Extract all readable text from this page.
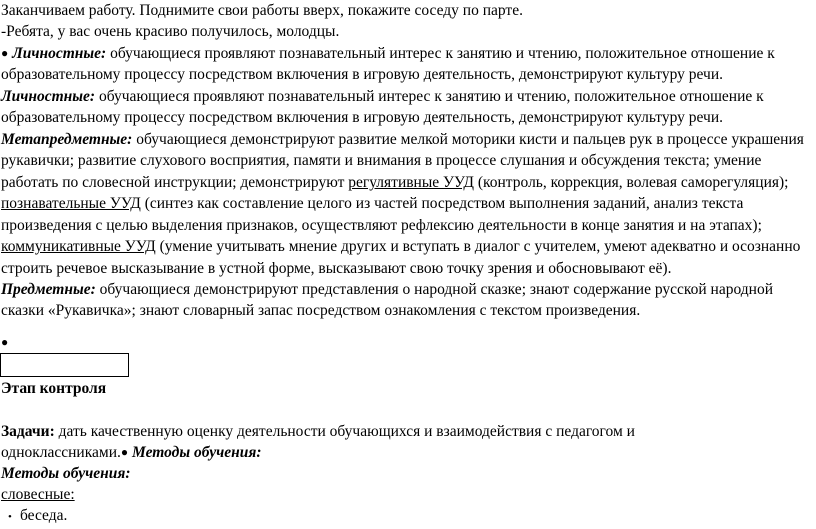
Заканчиваем работу. Поднимите свои работы вверх, покажите соседу по парте.

-Ребята, у вас очень красиво получилось, молодцы.

● Личностные: обучающиеся проявляют познавательный интерес к занятию и чтению, положительное отношение к

образовательному процессу посредством включения в игровую деятельность, демонстрируют культуру речи.

Личностные: обучающиеся проявляют познавательный интерес к занятию и чтению, положительное отношение к

образовательному процессу посредством включения в игровую деятельность, демонстрируют культуру речи.

Метапредметные: обучающиеся демонстрируют развитие мелкой моторики кисти и пальцев рук в процессе украшения

рукавички; развитие слухового восприятия, памяти и внимания в процессе слушания и обсуждения текста; умение

работать по словесной инструкции; демонстрируют регулятивные УУД (контроль, коррекция, волевая саморегуляция);

познавательные УУД (синтез как составление целого из частей посредством выполнения заданий, анализ текста

произведения с целью выделения признаков, осуществляют рефлексию деятельности в конце занятия и на этапах);

коммуникативные УУД (умение учитывать мнение других и вступать в диалог с учителем, умеют адекватно и осознанно

строить речевое высказывание в устной форме, высказывают свою точку зрения и обосновывают её).

Предметные: обучающиеся демонстрируют представления о народной сказке; знают содержание русской народной

сказки «Рукавичка»; знают словарный запас посредством ознакомления с текстом произведения.

●

Этап контроля

Задачи: дать качественную оценку деятельности обучающихся и взаимодействия с педагогом и

одноклассниками.● Методы обучения:

Методы обучения:

словесные:

• беседа.
